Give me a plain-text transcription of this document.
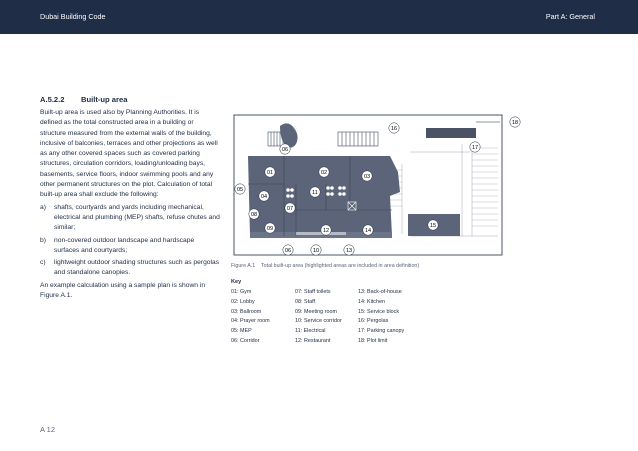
Dubai Building Code	Part A: General
A.5.2.2 Built-up area

Built-up area is used also by Planning Authorities. It is defined as the total constructed area in a building or structure measured from the external walls of the building, inclusive of balconies, terraces and other projections as well as any other covered spaces such as covered parking structures, circulation corridors, loading/unloading bays, basements, service floors, indoor swimming pools and any other permanent structures on the plot. Calculation of total built-up area shall exclude the following:

a) shafts, courtyards and yards including mechanical, electrical and plumbing (MEP) shafts, refuse chutes and similar;
b) non-covered outdoor landscape and hardscape surfaces and courtyards;
c) lightweight outdoor shading structures such as pergolas and standalone canopies.

An example calculation using a sample plan is shown in Figure A.1.

01	02
03
04
05
06
07
08
09
10
11
12
13
14
15
16
17
18
06
Figure A.1 Total built-up area (highlighted areas are included in area definition)
Key
01: Gym
02: Lobby
03: Ballroom
04: Prayer room
05: MEP
06: Corridor
07: Staff toilets
08: Staff
09: Meeting room
10: Service corridor
11: Electrical
12: Restaurant
13: Back-of-house
14: Kitchen
15: Service block
16: Pergolas
17: Parking canopy
18: Plot limit
A 12
